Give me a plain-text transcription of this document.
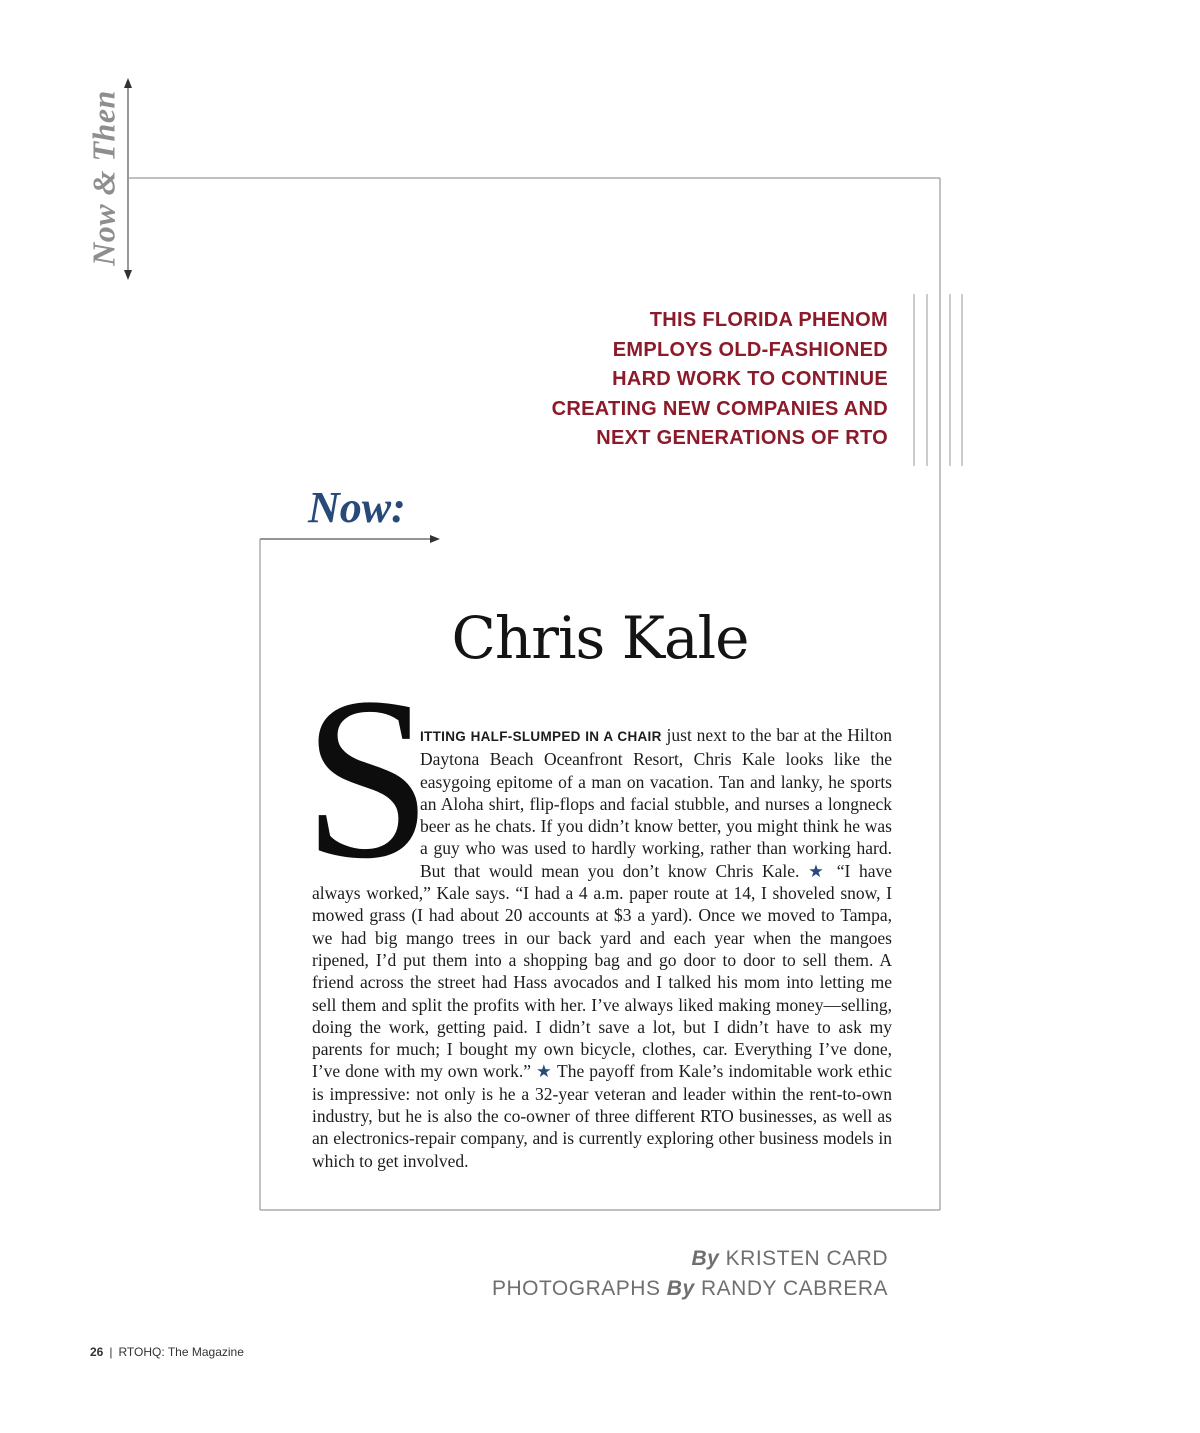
Now & Then
THIS FLORIDA PHENOM
EMPLOYS OLD-FASHIONED
HARD WORK TO CONTINUE
CREATING NEW COMPANIES AND
NEXT GENERATIONS OF RTO
Now:
Chris Kale
S
ITTING HALF-SLUMPED IN A CHAIR just next to the bar at the Hilton Daytona Beach Oceanfront Resort, Chris Kale looks like the easygoing epitome of a man on vacation. Tan and lanky, he sports an Aloha shirt, flip-flops and facial stubble, and nurses a longneck beer as he chats. If you didn’t know better, you might think he was a guy who was used to hardly working, rather than working hard. But that would mean you don’t know Chris Kale. ★ “I have always worked,” Kale says. “I had a 4 a.m. paper route at 14, I shoveled snow, I mowed grass (I had about 20 accounts at $3 a yard). Once we moved to Tampa, we had big mango trees in our back yard and each year when the mangoes ripened, I’d put them into a shopping bag and go door to door to sell them. A friend across the street had Hass avocados and I talked his mom into letting me sell them and split the profits with her. I’ve always liked making money—selling, doing the work, getting paid. I didn’t save a lot, but I didn’t have to ask my parents for much; I bought my own bicycle, clothes, car. Everything I’ve done, I’ve done with my own work.” ★ The payoff from Kale’s indomitable work ethic is impressive: not only is he a 32-year veteran and leader within the rent-to-own industry, but he is also the co-owner of three different RTO businesses, as well as an electronics-repair company, and is currently exploring other business models in which to get involved.
By KRISTEN CARD
PHOTOGRAPHS By RANDY CABRERA
26 | RTOHQ: The Magazine
